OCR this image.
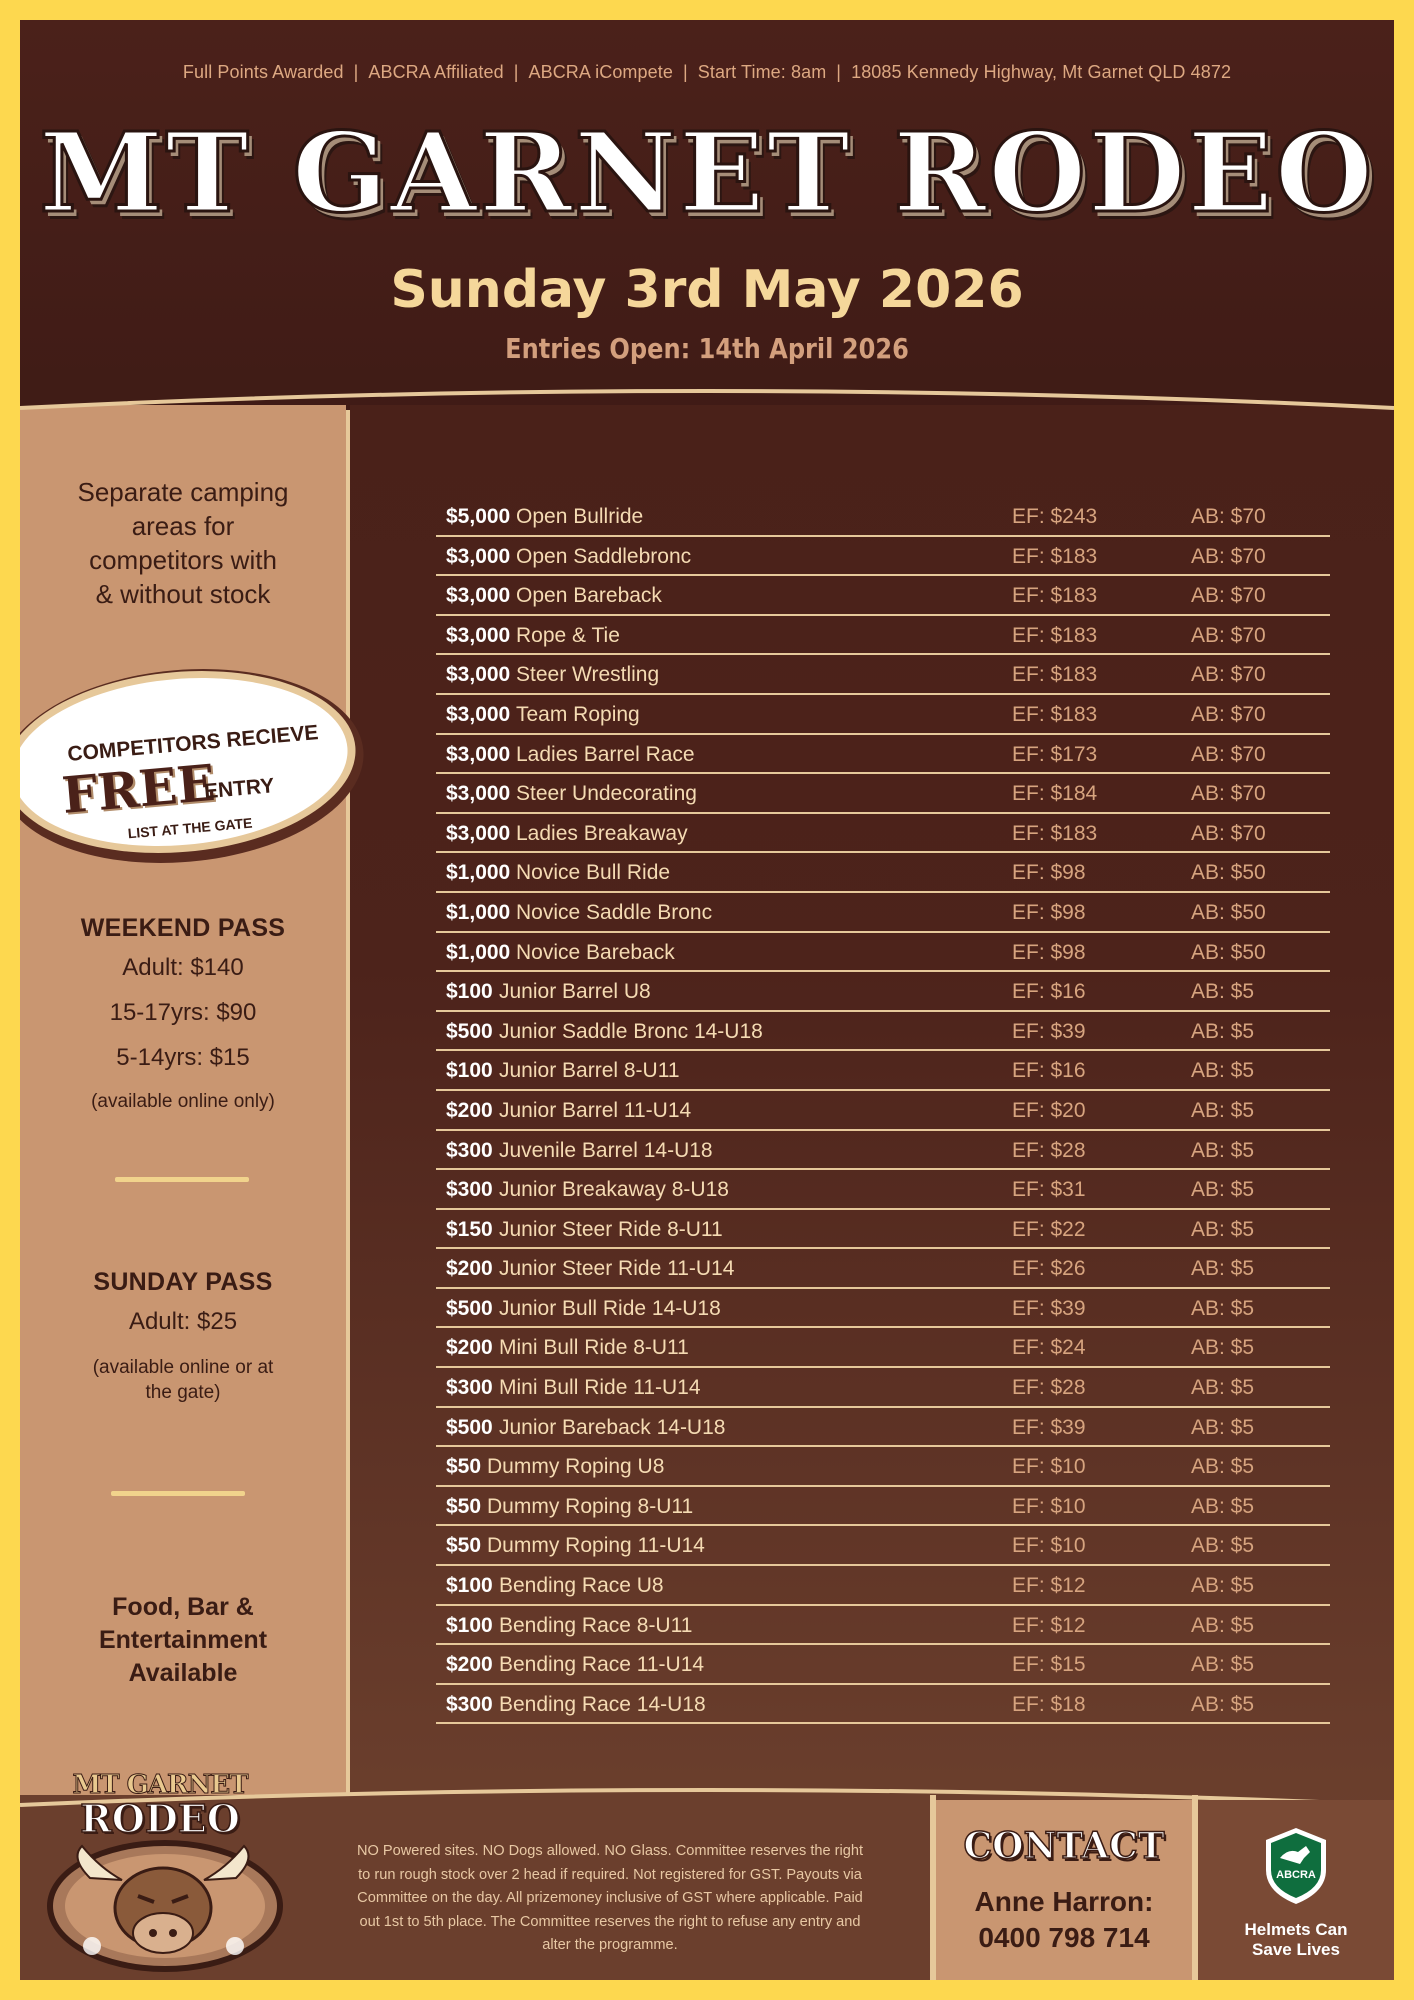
Full Points Awarded | ABCRA Affiliated | ABCRA iCompete | Start Time: 8am | 18085 Kennedy Highway, Mt Garnet QLD 4872
MT GARNET RODEO
Sunday 3rd May 2026
Entries Open: 14th April 2026
Separate camping
areas for
competitors with
& without stock
COMPETITORS RECIEVE
FREE
ENTRY
LIST AT THE GATE
WEEKEND PASS
Adult: $140
15-17yrs: $90
5-14yrs: $15
(available online only)
SUNDAY PASS
Adult: $25
(available online or at
the gate)
Food, Bar &
Entertainment
Available
$5,000 Open Bullride	EF: $243	AB: $70
$3,000 Open Saddlebronc	EF: $183	AB: $70
$3,000 Open Bareback	EF: $183	AB: $70
$3,000 Rope & Tie	EF: $183	AB: $70
$3,000 Steer Wrestling	EF: $183	AB: $70
$3,000 Team Roping	EF: $183	AB: $70
$3,000 Ladies Barrel Race	EF: $173	AB: $70
$3,000 Steer Undecorating	EF: $184	AB: $70
$3,000 Ladies Breakaway	EF: $183	AB: $70
$1,000 Novice Bull Ride	EF: $98	AB: $50
$1,000 Novice Saddle Bronc	EF: $98	AB: $50
$1,000 Novice Bareback	EF: $98	AB: $50
$100 Junior Barrel U8	EF: $16	AB: $5
$500 Junior Saddle Bronc 14-U18	EF: $39	AB: $5
$100 Junior Barrel 8-U11	EF: $16	AB: $5
$200 Junior Barrel 11-U14	EF: $20	AB: $5
$300 Juvenile Barrel 14-U18	EF: $28	AB: $5
$300 Junior Breakaway 8-U18	EF: $31	AB: $5
$150 Junior Steer Ride 8-U11	EF: $22	AB: $5
$200 Junior Steer Ride 11-U14	EF: $26	AB: $5
$500 Junior Bull Ride 14-U18	EF: $39	AB: $5
$200 Mini Bull Ride 8-U11	EF: $24	AB: $5
$300 Mini Bull Ride 11-U14	EF: $28	AB: $5
$500 Junior Bareback 14-U18	EF: $39	AB: $5
$50 Dummy Roping U8	EF: $10	AB: $5
$50 Dummy Roping 8-U11	EF: $10	AB: $5
$50 Dummy Roping 11-U14	EF: $10	AB: $5
$100 Bending Race U8	EF: $12	AB: $5
$100 Bending Race 8-U11	EF: $12	AB: $5
$200 Bending Race 11-U14	EF: $15	AB: $5
$300 Bending Race 14-U18	EF: $18	AB: $5
MT GARNET
RODEO
NO Powered sites. NO Dogs allowed. NO Glass. Committee reserves the right
to run rough stock over 2 head if required. Not registered for GST. Payouts via
Committee on the day. All prizemoney inclusive of GST where applicable. Paid
out 1st to 5th place. The Committee reserves the right to refuse any entry and
alter the programme.
CONTACT
Anne Harron:
0400 798 714
ABCRA
Helmets Can
Save Lives
